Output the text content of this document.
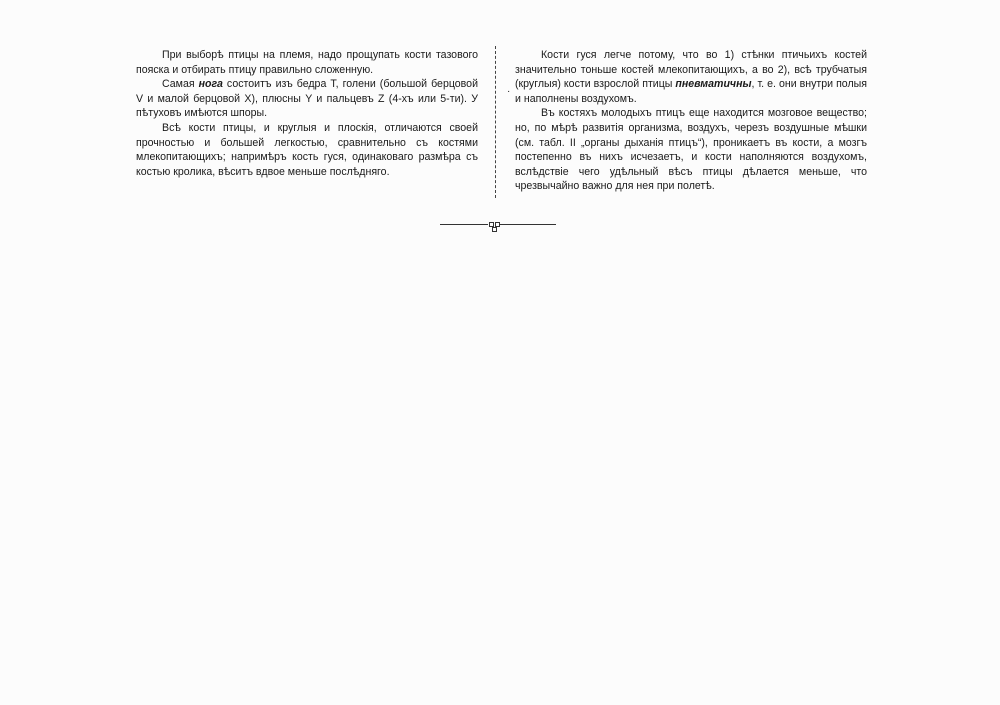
При выборѣ птицы на племя, надо прощупать кости тазового пояска и отбирать птицу правильно сложенную.

Самая нога состоитъ изъ бедра T, голени (большой берцовой V и малой берцовой X), плюсны Y и пальцевъ Z (4-хъ или 5-ти). У пѣтуховъ имѣются шпоры.

Всѣ кости птицы, и круглыя и плоскія, отличаются своей прочностью и большей легкостью, сравнительно съ костями млекопитающихъ; напримѣръ кость гуся, одинаковаго размѣра съ костью кролика, вѣситъ вдвое меньше послѣдняго.

·

Кости гуся легче потому, что во 1) стѣнки птичьихъ костей значительно тоньше костей млекопитающихъ, а во 2), всѣ трубчатыя (круглыя) кости взрослой птицы пневматичны, т. е. они внутри полыя и наполнены воздухомъ.

Въ костяхъ молодыхъ птицъ еще находится мозговое вещество; но, по мѣрѣ развитія организма, воздухъ, черезъ воздушные мѣшки (см. табл. II „органы дыханія птицъ“), проникаетъ въ кости, а мозгъ постепенно въ нихъ исчезаетъ, и кости наполняются воздухомъ, вслѣдствіе чего удѣльный вѣсъ птицы дѣлается меньше, что чрезвычайно важно для нея при полетѣ.
